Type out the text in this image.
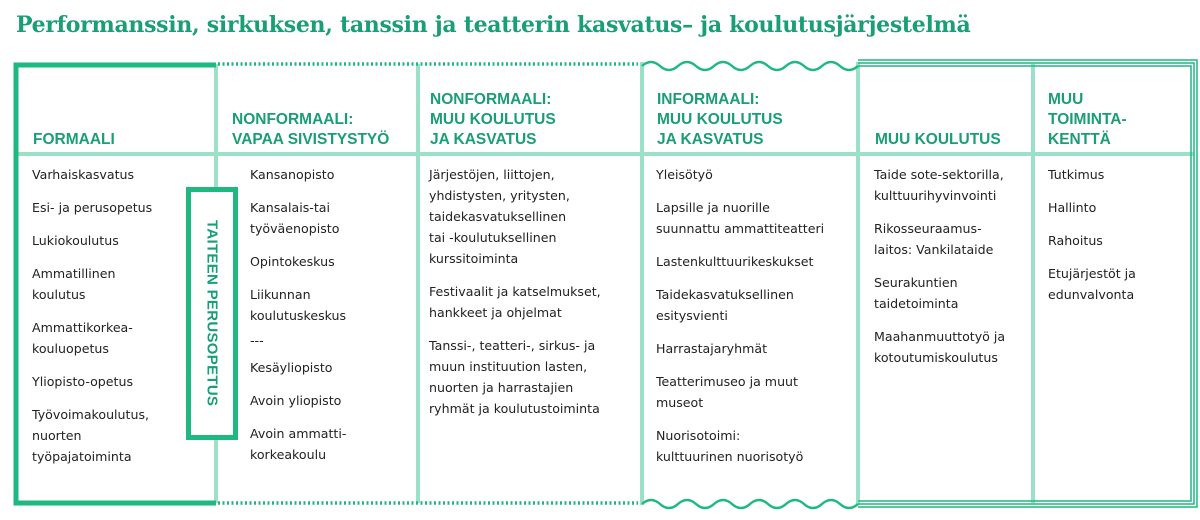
Performanssin, sirkuksen, tanssin ja teatterin kasvatus– ja koulutusjärjestelmä
FORMAALI
NONFORMAALI:
VAPAA SIVISTYSTYÖ
NONFORMAALI:
MUU KOULUTUS
JA KASVATUS
INFORMAALI:
MUU KOULUTUS
JA KASVATUS	MUU KOULUTUS
MUU
TOIMINTA-
KENTTÄ
Varhaiskasvatus
Esi- ja perusopetus
Lukiokoulutus
Ammatillinen
koulutus
Ammattikorkea-
kouluopetus
Yliopisto-opetus
Työvoimakoulutus,
nuorten
työpajatoiminta
Kansanopisto
Kansalais-tai
työväenopisto
Opintokeskus
Liikunnan
koulutuskeskus
---
Kesäyliopisto
Avoin yliopisto
Avoin ammatti-
korkeakoulu
Järjestöjen, liittojen,
yhdistysten, yritysten,
taidekasvatuksellinen
tai -koulutuksellinen
kurssitoiminta
Festivaalit ja katselmukset,
hankkeet ja ohjelmat
Tanssi-, teatteri-, sirkus- ja
muun instituution lasten,
nuorten ja harrastajien
ryhmät ja koulutustoiminta
Yleisötyö
Lapsille ja nuorille
suunnattu ammattiteatteri
Lastenkulttuurikeskukset
Taidekasvatuksellinen
esitysvienti
Harrastajaryhmät
Teatterimuseo ja muut
museot
Nuorisotoimi:
kulttuurinen nuorisotyö
Taide sote-sektorilla,
kulttuurihyvinvointi
Rikosseuraamus-
laitos: Vankilataide
Seurakuntien
taidetoiminta
Maahanmuuttotyö ja
kotoutumiskoulutus
Tutkimus
Hallinto
Rahoitus
Etujärjestöt ja
edunvalvonta
TAITEEN PERUSOPETUS
